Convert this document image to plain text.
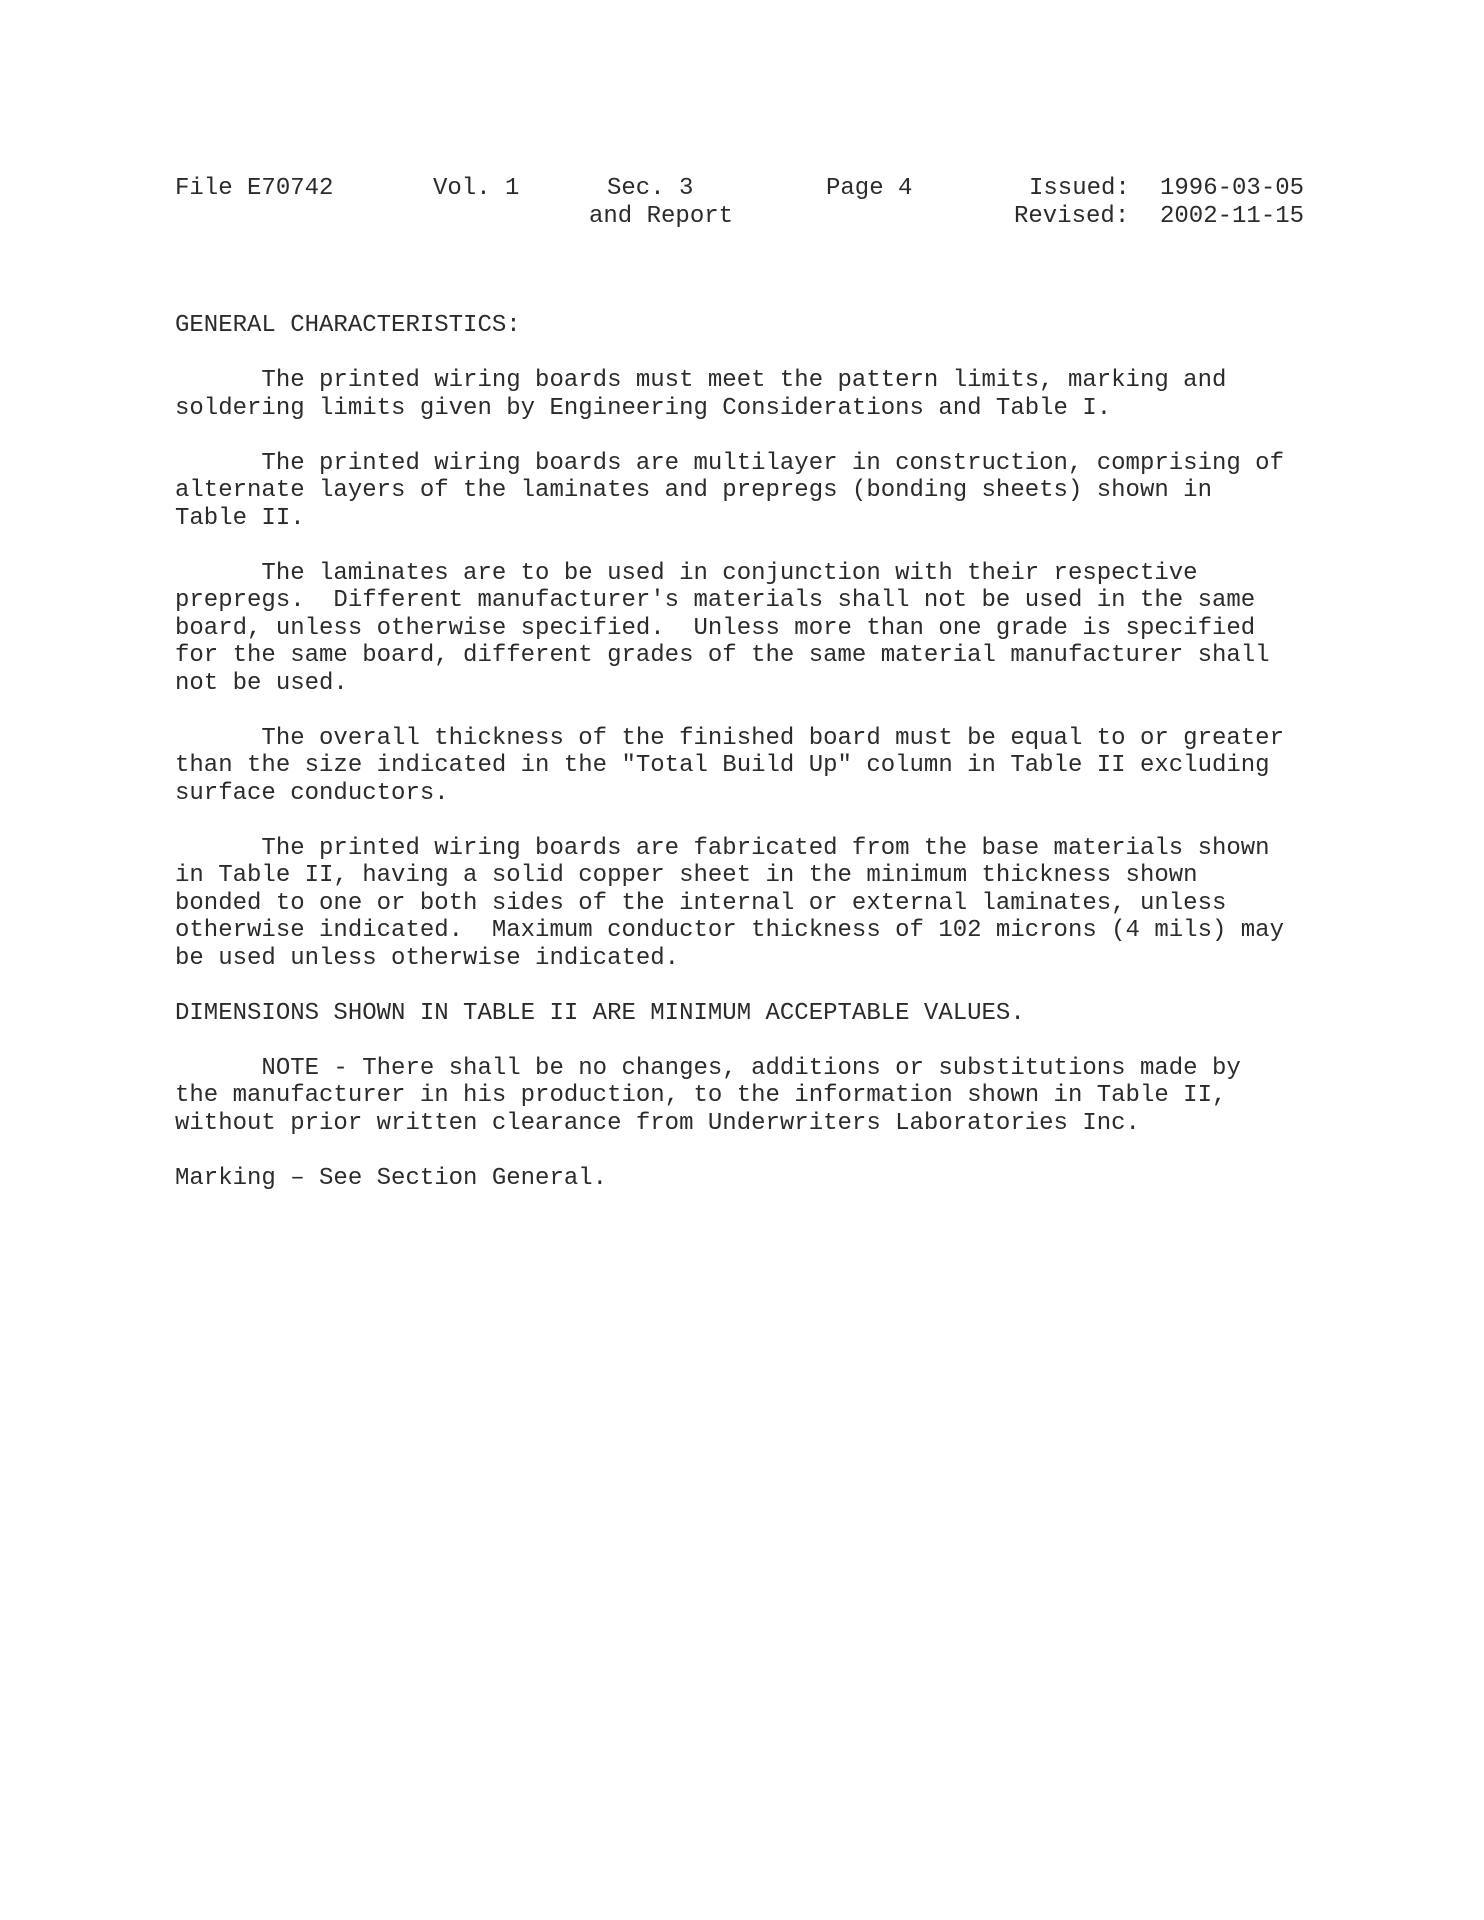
File E70742	Vol. 1	Sec. 3	Page 4	Issued: 1996-03-05
and Report	Revised: 2002-11-15
GENERAL CHARACTERISTICS:
The printed wiring boards must meet the pattern limits, marking and
soldering limits given by Engineering Considerations and Table I.
The printed wiring boards are multilayer in construction, comprising of
alternate layers of the laminates and prepregs (bonding sheets) shown in
Table II.
The laminates are to be used in conjunction with their respective
prepregs.  Different manufacturer's materials shall not be used in the same
board, unless otherwise specified.  Unless more than one grade is specified
for the same board, different grades of the same material manufacturer shall
not be used.
The overall thickness of the finished board must be equal to or greater
than the size indicated in the "Total Build Up" column in Table II excluding
surface conductors.
The printed wiring boards are fabricated from the base materials shown
in Table II, having a solid copper sheet in the minimum thickness shown
bonded to one or both sides of the internal or external laminates, unless
otherwise indicated.  Maximum conductor thickness of 102 microns (4 mils) may
be used unless otherwise indicated.
DIMENSIONS SHOWN IN TABLE II ARE MINIMUM ACCEPTABLE VALUES.
NOTE - There shall be no changes, additions or substitutions made by
the manufacturer in his production, to the information shown in Table II,
without prior written clearance from Underwriters Laboratories Inc.
Marking – See Section General.
